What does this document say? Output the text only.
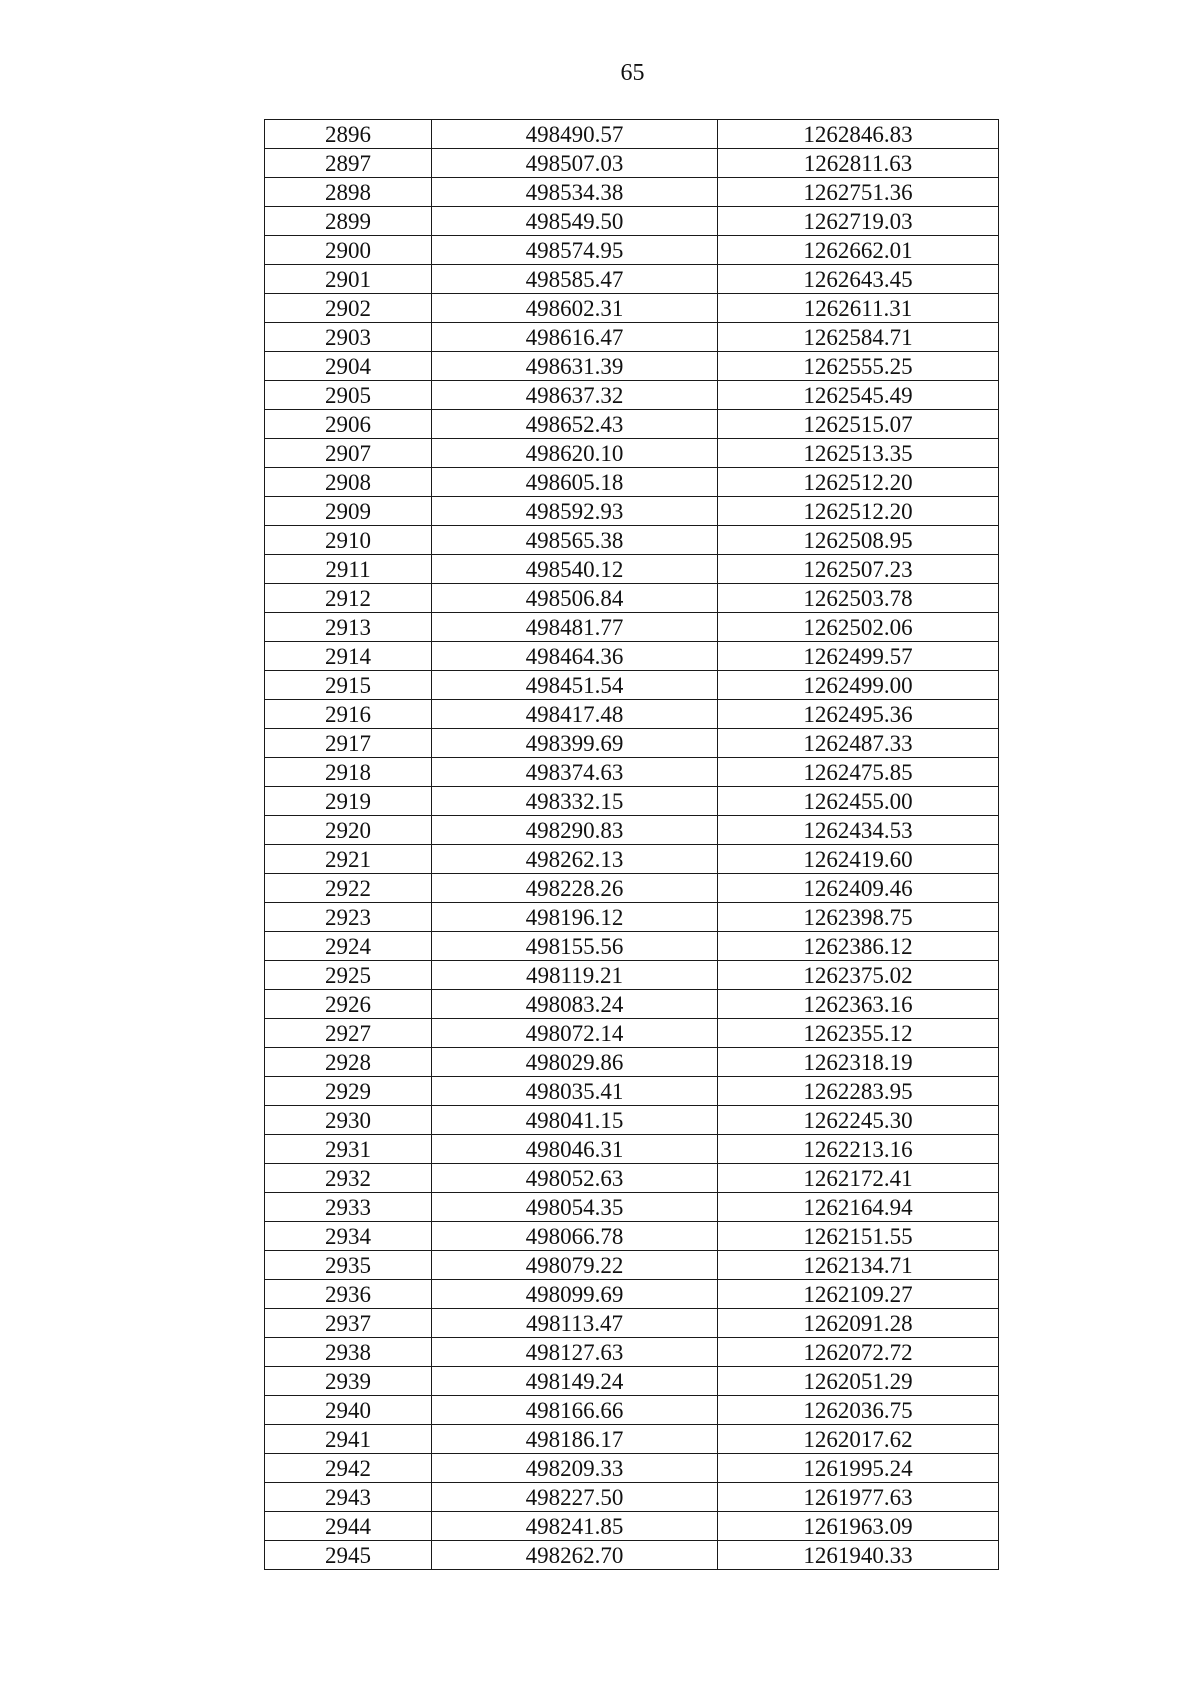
65
2896	498490.57	1262846.83
2897	498507.03	1262811.63
2898	498534.38	1262751.36
2899	498549.50	1262719.03
2900	498574.95	1262662.01
2901	498585.47	1262643.45
2902	498602.31	1262611.31
2903	498616.47	1262584.71
2904	498631.39	1262555.25
2905	498637.32	1262545.49
2906	498652.43	1262515.07
2907	498620.10	1262513.35
2908	498605.18	1262512.20
2909	498592.93	1262512.20
2910	498565.38	1262508.95
2911	498540.12	1262507.23
2912	498506.84	1262503.78
2913	498481.77	1262502.06
2914	498464.36	1262499.57
2915	498451.54	1262499.00
2916	498417.48	1262495.36
2917	498399.69	1262487.33
2918	498374.63	1262475.85
2919	498332.15	1262455.00
2920	498290.83	1262434.53
2921	498262.13	1262419.60
2922	498228.26	1262409.46
2923	498196.12	1262398.75
2924	498155.56	1262386.12
2925	498119.21	1262375.02
2926	498083.24	1262363.16
2927	498072.14	1262355.12
2928	498029.86	1262318.19
2929	498035.41	1262283.95
2930	498041.15	1262245.30
2931	498046.31	1262213.16
2932	498052.63	1262172.41
2933	498054.35	1262164.94
2934	498066.78	1262151.55
2935	498079.22	1262134.71
2936	498099.69	1262109.27
2937	498113.47	1262091.28
2938	498127.63	1262072.72
2939	498149.24	1262051.29
2940	498166.66	1262036.75
2941	498186.17	1262017.62
2942	498209.33	1261995.24
2943	498227.50	1261977.63
2944	498241.85	1261963.09
2945	498262.70	1261940.33
